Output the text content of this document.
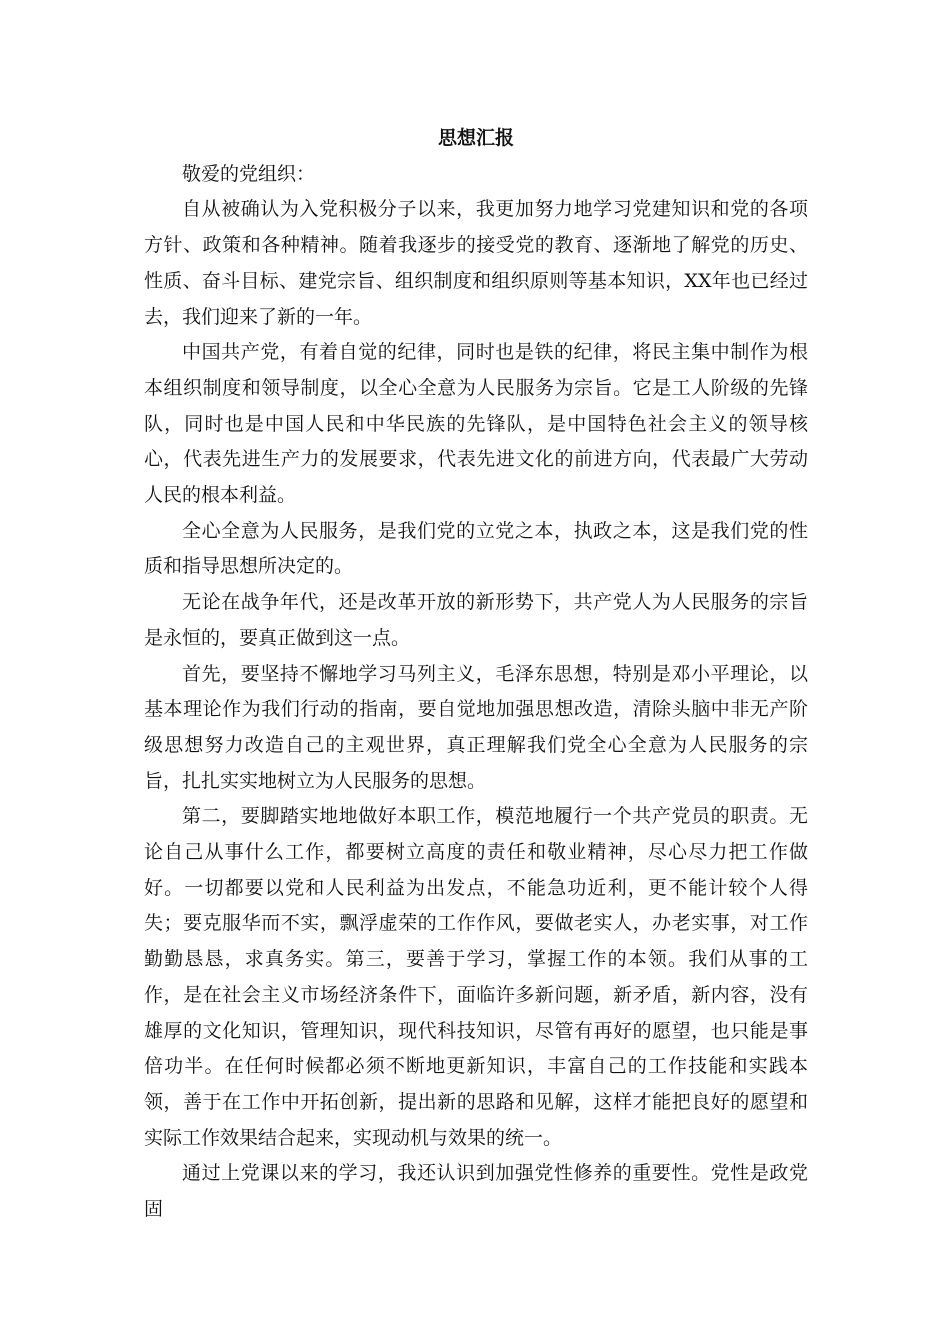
思想汇报

敬爱的党组织：

自从被确认为入党积极分子以来，我更加努力地学习党建知识和党的各项方针、政策和各种精神。随着我逐步的接受党的教育、逐渐地了解党的历史、性质、奋斗目标、建党宗旨、组织制度和组织原则等基本知识，XX年也已经过去，我们迎来了新的一年。

中国共产党，有着自觉的纪律，同时也是铁的纪律，将民主集中制作为根本组织制度和领导制度，以全心全意为人民服务为宗旨。它是工人阶级的先锋队，同时也是中国人民和中华民族的先锋队，是中国特色社会主义的领导核心，代表先进生产力的发展要求，代表先进文化的前进方向，代表最广大劳动人民的根本利益。

全心全意为人民服务，是我们党的立党之本，执政之本，这是我们党的性质和指导思想所决定的。

无论在战争年代，还是改革开放的新形势下，共产党人为人民服务的宗旨是永恒的，要真正做到这一点。

首先，要坚持不懈地学习马列主义，毛泽东思想，特别是邓小平理论，以基本理论作为我们行动的指南，要自觉地加强思想改造，清除头脑中非无产阶级思想努力改造自己的主观世界，真正理解我们党全心全意为人民服务的宗旨，扎扎实实地树立为人民服务的思想。

第二，要脚踏实地地做好本职工作，模范地履行一个共产党员的职责。无论自己从事什么工作，都要树立高度的责任和敬业精神，尽心尽力把工作做好。一切都要以党和人民利益为出发点，不能急功近利，更不能计较个人得失；要克服华而不实，飘浮虚荣的工作作风，要做老实人，办老实事，对工作勤勤恳恳，求真务实。第三，要善于学习，掌握工作的本领。我们从事的工作，是在社会主义市场经济条件下，面临许多新问题，新矛盾，新内容，没有雄厚的文化知识，管理知识，现代科技知识，尽管有再好的愿望，也只能是事倍功半。在任何时候都必须不断地更新知识，丰富自己的工作技能和实践本领，善于在工作中开拓创新，提出新的思路和见解，这样才能把良好的愿望和实际工作效果结合起来，实现动机与效果的统一。

通过上党课以来的学习，我还认识到加强党性修养的重要性。党性是政党固
